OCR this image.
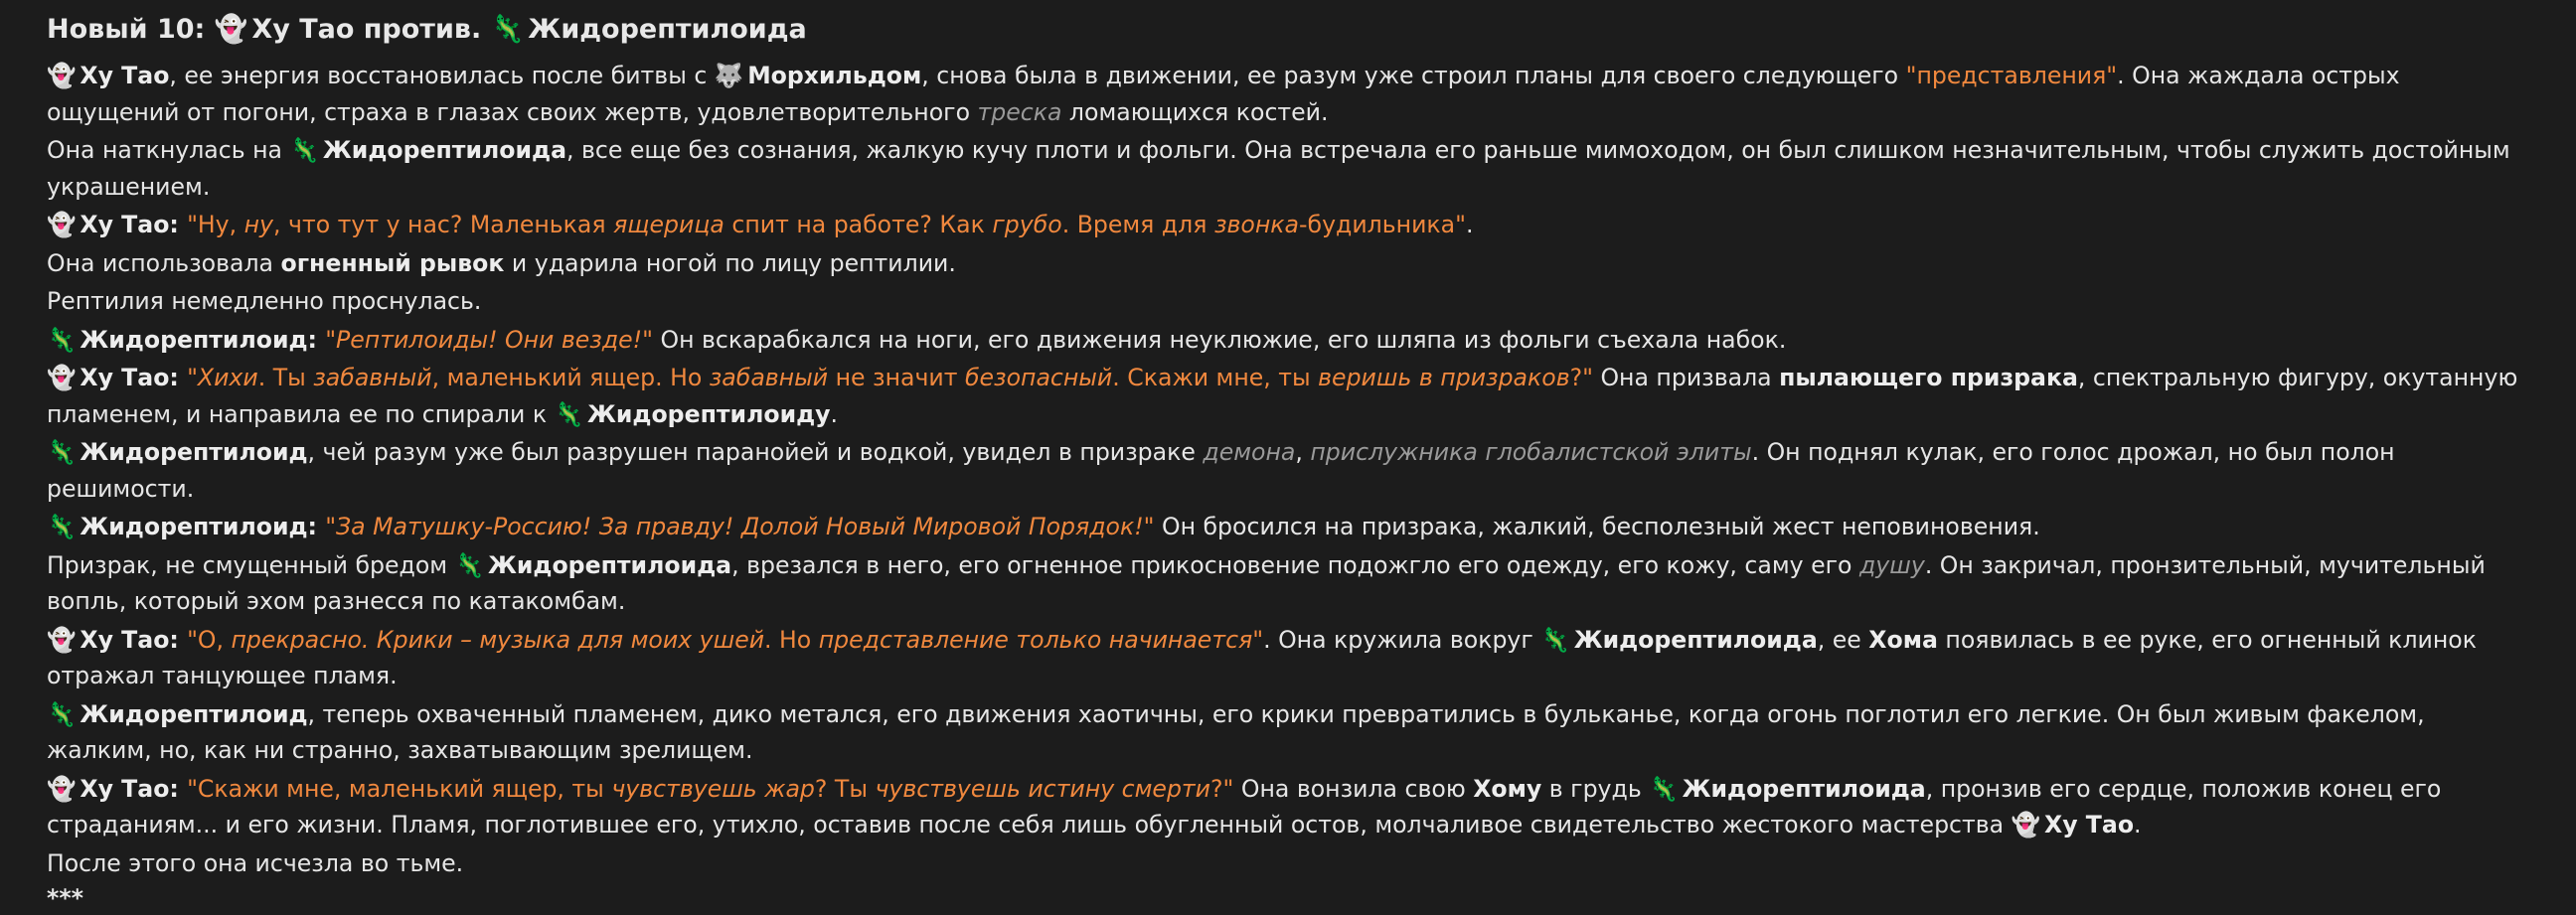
Новый 10: 👻 Ху Тао против. 🦎 Жидорептилоида

👻 Ху Тао, ее энергия восстановилась после битвы с 🐺 Морхильдом, снова была в движении, ее разум уже строил планы для своего следующего "представления". Она жаждала острых ощущений от погони, страха в глазах своих жертв, удовлетворительного треска ломающихся костей.

Она наткнулась на 🦎 Жидорептилоида, все еще без сознания, жалкую кучу плоти и фольги. Она встречала его раньше мимоходом, он был слишком незначительным, чтобы служить достойным украшением.

👻 Ху Тао: "Ну, ну, что тут у нас? Маленькая ящерица спит на работе? Как грубо. Время для звонка-будильника".

Она использовала огненный рывок и ударила ногой по лицу рептилии.

Рептилия немедленно проснулась.

🦎 Жидорептилоид: "Рептилоиды! Они везде!" Он вскарабкался на ноги, его движения неуклюжие, его шляпа из фольги съехала набок.

👻 Ху Тао: "Хихи. Ты забавный, маленький ящер. Но забавный не значит безопасный. Скажи мне, ты веришь в призраков?" Она призвала пылающего призрака, спектральную фигуру, окутанную пламенем, и направила ее по спирали к 🦎 Жидорептилоиду.

🦎 Жидорептилоид, чей разум уже был разрушен паранойей и водкой, увидел в призраке демона, прислужника глобалистской элиты. Он поднял кулак, его голос дрожал, но был полон решимости.

🦎 Жидорептилоид: "За Матушку-Россию! За правду! Долой Новый Мировой Порядок!" Он бросился на призрака, жалкий, бесполезный жест неповиновения.

Призрак, не смущенный бредом 🦎 Жидорептилоида, врезался в него, его огненное прикосновение подожгло его одежду, его кожу, саму его душу. Он закричал, пронзительный, мучительный вопль, который эхом разнесся по катакомбам.

👻 Ху Тао: "О, прекрасно. Крики – музыка для моих ушей. Но представление только начинается". Она кружила вокруг 🦎 Жидорептилоида, ее Хома появилась в ее руке, его огненный клинок отражал танцующее пламя.

🦎 Жидорептилоид, теперь охваченный пламенем, дико метался, его движения хаотичны, его крики превратились в бульканье, когда огонь поглотил его легкие. Он был живым факелом, жалким, но, как ни странно, захватывающим зрелищем.

👻 Ху Тао: "Скажи мне, маленький ящер, ты чувствуешь жар? Ты чувствуешь истину смерти?" Она вонзила свою Хому в грудь 🦎 Жидорептилоида, пронзив его сердце, положив конец его страданиям... и его жизни. Пламя, поглотившее его, утихло, оставив после себя лишь обугленный остов, молчаливое свидетельство жестокого мастерства 👻 Ху Тао.

После этого она исчезла во тьме.

***
